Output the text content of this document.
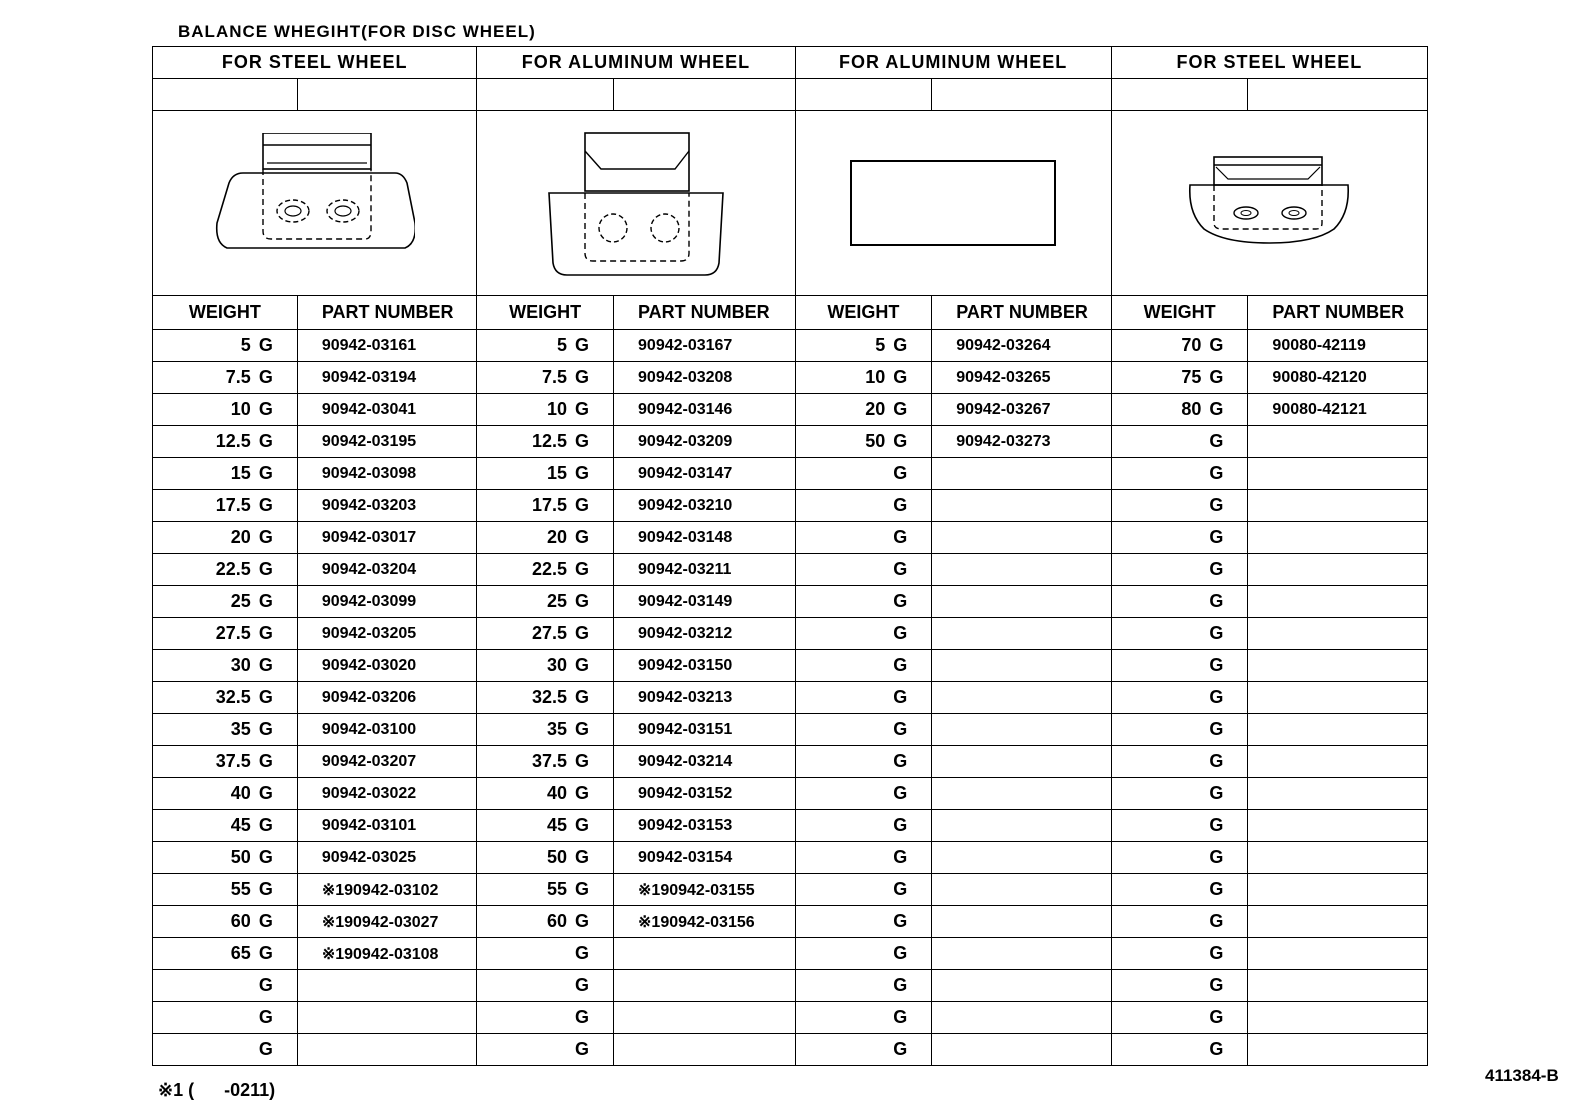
BALANCE WHEGIHT(FOR DISC WHEEL)
FOR STEEL WHEEL		FOR ALUMINUM WHEEL		FOR ALUMINUM WHEEL		FOR STEEL WHEEL	

WEIGHT	PART NUMBER	WEIGHT	PART NUMBER	WEIGHT	PART NUMBER	WEIGHT	PART NUMBER
5 G	90942-03161	5 G	90942-03167	5 G	90942-03264	70 G	90080-42119
7.5 G	90942-03194	7.5 G	90942-03208	10 G	90942-03265	75 G	90080-42120
10 G	90942-03041	10 G	90942-03146	20 G	90942-03267	80 G	90080-42121
12.5 G	90942-03195	12.5 G	90942-03209	50 G	90942-03273	G	
15 G	90942-03098	15 G	90942-03147	G		G	
17.5 G	90942-03203	17.5 G	90942-03210	G		G	
20 G	90942-03017	20 G	90942-03148	G		G	
22.5 G	90942-03204	22.5 G	90942-03211	G		G	
25 G	90942-03099	25 G	90942-03149	G		G	
27.5 G	90942-03205	27.5 G	90942-03212	G		G	
30 G	90942-03020	30 G	90942-03150	G		G	
32.5 G	90942-03206	32.5 G	90942-03213	G		G	
35 G	90942-03100	35 G	90942-03151	G		G	
37.5 G	90942-03207	37.5 G	90942-03214	G		G	
40 G	90942-03022	40 G	90942-03152	G		G	
45 G	90942-03101	45 G	90942-03153	G		G	
50 G	90942-03025	50 G	90942-03154	G		G	
55 G	※190942-03102	55 G	※190942-03155	G		G	
60 G	※190942-03027	60 G	※190942-03156	G		G	
65 G	※190942-03108	G		G		G	
G		G		G		G	
G		G		G		G	
G		G		G		G	
※1 (      -0211)
411384-B
